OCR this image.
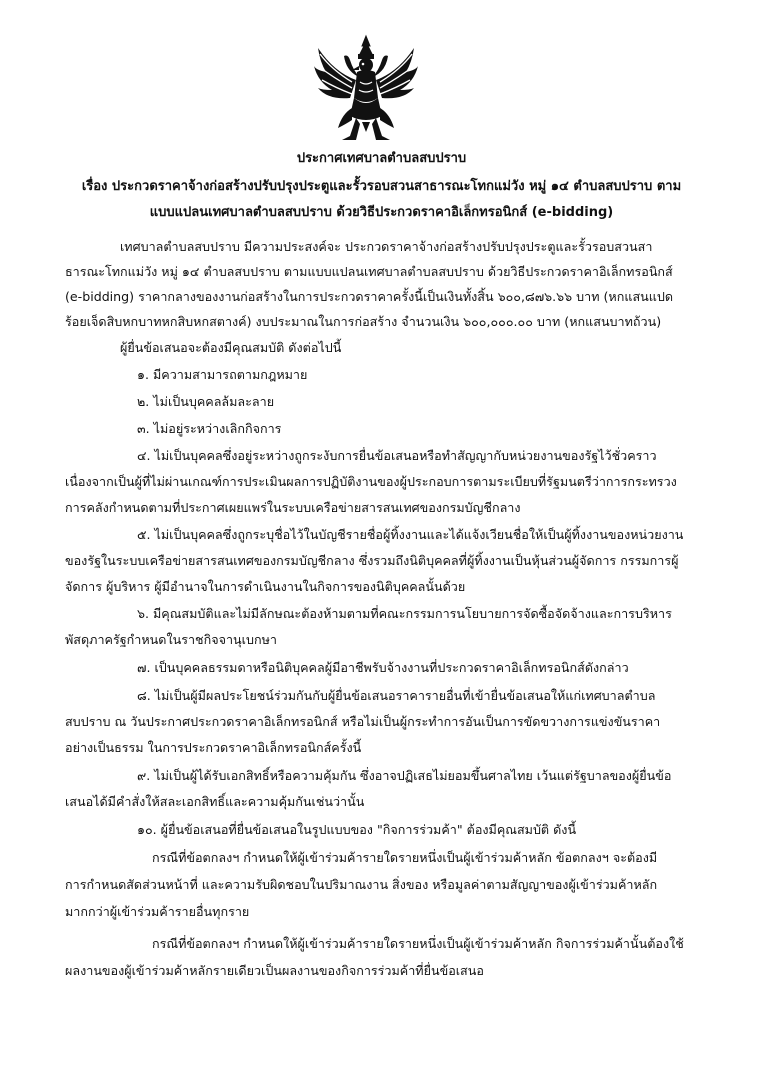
ประกาศเทศบาลตำบลสบปราบ
เรื่อง ประกวดราคาจ้างก่อสร้างปรับปรุงประตูและรั้วรอบสวนสาธารณะโทกแม่วัง หมู่ ๑๔ ตำบลสบปราบ ตาม
แบบแปลนเทศบาลตำบลสบปราบ ด้วยวิธีประกวดราคาอิเล็กทรอนิกส์ (e-bidding)
เทศบาลตำบลสบปราบ มีความประสงค์จะ ประกวดราคาจ้างก่อสร้างปรับปรุงประตูและรั้วรอบสวนสา
ธารณะโทกแม่วัง หมู่ ๑๔ ตำบลสบปราบ ตามแบบแปลนเทศบาลตำบลสบปราบ ด้วยวิธีประกวดราคาอิเล็กทรอนิกส์
(e-bidding) ราคากลางของงานก่อสร้างในการประกวดราคาครั้งนี้เป็นเงินทั้งสิ้น ๖๐๐,๘๗๖.๖๖ บาท (หกแสนแปด
ร้อยเจ็ดสิบหกบาทหกสิบหกสตางค์) งบประมาณในการก่อสร้าง จำนวนเงิน ๖๐๐,๐๐๐.๐๐ บาท (หกแสนบาทถ้วน)
ผู้ยื่นข้อเสนอจะต้องมีคุณสมบัติ ดังต่อไปนี้
๑. มีความสามารถตามกฎหมาย
๒. ไม่เป็นบุคคลล้มละลาย
๓. ไม่อยู่ระหว่างเลิกกิจการ
๔. ไม่เป็นบุคคลซึ่งอยู่ระหว่างถูกระงับการยื่นข้อเสนอหรือทำสัญญากับหน่วยงานของรัฐไว้ชั่วคราว
เนื่องจากเป็นผู้ที่ไม่ผ่านเกณฑ์การประเมินผลการปฏิบัติงานของผู้ประกอบการตามระเบียบที่รัฐมนตรีว่าการกระทรวง
การคลังกำหนดตามที่ประกาศเผยแพร่ในระบบเครือข่ายสารสนเทศของกรมบัญชีกลาง
๕. ไม่เป็นบุคคลซึ่งถูกระบุชื่อไว้ในบัญชีรายชื่อผู้ทิ้งงานและได้แจ้งเวียนชื่อให้เป็นผู้ทิ้งงานของหน่วยงาน
ของรัฐในระบบเครือข่ายสารสนเทศของกรมบัญชีกลาง ซึ่งรวมถึงนิติบุคคลที่ผู้ทิ้งงานเป็นหุ้นส่วนผู้จัดการ กรรมการผู้
จัดการ ผู้บริหาร ผู้มีอำนาจในการดำเนินงานในกิจการของนิติบุคคลนั้นด้วย
๖. มีคุณสมบัติและไม่มีลักษณะต้องห้ามตามที่คณะกรรมการนโยบายการจัดซื้อจัดจ้างและการบริหาร
พัสดุภาครัฐกำหนดในราชกิจจานุเบกษา
๗. เป็นบุคคลธรรมดาหรือนิติบุคคลผู้มีอาชีพรับจ้างงานที่ประกวดราคาอิเล็กทรอนิกส์ดังกล่าว
๘. ไม่เป็นผู้มีผลประโยชน์ร่วมกันกับผู้ยื่นข้อเสนอราคารายอื่นที่เข้ายื่นข้อเสนอให้แก่เทศบาลตำบล
สบปราบ ณ วันประกาศประกวดราคาอิเล็กทรอนิกส์ หรือไม่เป็นผู้กระทำการอันเป็นการขัดขวางการแข่งขันราคา
อย่างเป็นธรรม ในการประกวดราคาอิเล็กทรอนิกส์ครั้งนี้
๙. ไม่เป็นผู้ได้รับเอกสิทธิ์หรือความคุ้มกัน ซึ่งอาจปฏิเสธไม่ยอมขึ้นศาลไทย เว้นแต่รัฐบาลของผู้ยื่นข้อ
เสนอได้มีคำสั่งให้สละเอกสิทธิ์และความคุ้มกันเช่นว่านั้น
๑๐. ผู้ยื่นข้อเสนอที่ยื่นข้อเสนอในรูปแบบของ "กิจการร่วมค้า" ต้องมีคุณสมบัติ ดังนี้
กรณีที่ข้อตกลงฯ กำหนดให้ผู้เข้าร่วมค้ารายใดรายหนึ่งเป็นผู้เข้าร่วมค้าหลัก ข้อตกลงฯ จะต้องมี
การกำหนดสัดส่วนหน้าที่ และความรับผิดชอบในปริมาณงาน สิ่งของ หรือมูลค่าตามสัญญาของผู้เข้าร่วมค้าหลัก
มากกว่าผู้เข้าร่วมค้ารายอื่นทุกราย
กรณีที่ข้อตกลงฯ กำหนดให้ผู้เข้าร่วมค้ารายใดรายหนึ่งเป็นผู้เข้าร่วมค้าหลัก กิจการร่วมค้านั้นต้องใช้
ผลงานของผู้เข้าร่วมค้าหลักรายเดียวเป็นผลงานของกิจการร่วมค้าที่ยื่นข้อเสนอ
